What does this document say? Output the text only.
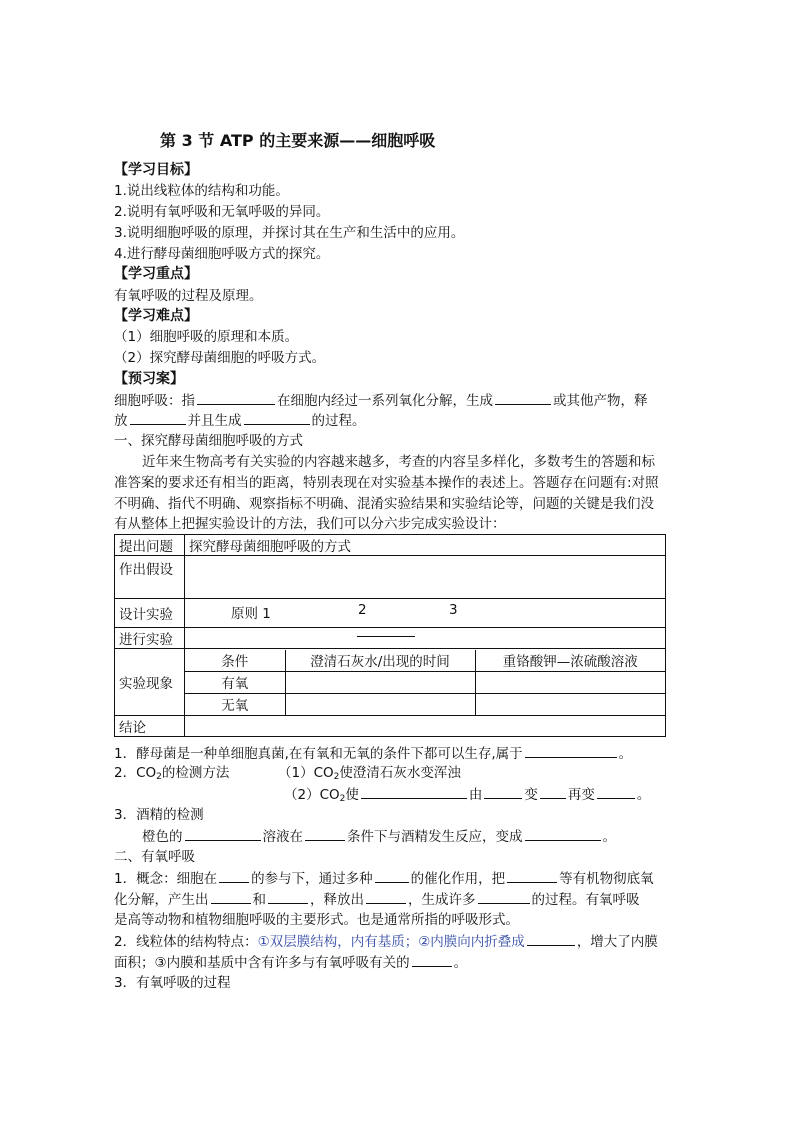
第 3 节 ATP 的主要来源——细胞呼吸
【学习目标】
1.说出线粒体的结构和功能。
2.说明有氧呼吸和无氧呼吸的异同。
3.说明细胞呼吸的原理，并探讨其在生产和生活中的应用。
4.进行酵母菌细胞呼吸方式的探究。
【学习重点】
有氧呼吸的过程及原理。
【学习难点】
（1）细胞呼吸的原理和本质。
（2）探究酵母菌细胞的呼吸方式。
【预习案】
细胞呼吸：指	在细胞内经过一系列氧化分解，生成	或其他产物，释
放	并且生成	的过程。
一、探究酵母菌细胞呼吸的方式
近年来生物高考有关实验的内容越来越多，考查的内容呈多样化，多数考生的答题和标
准答案的要求还有相当的距离，特别表现在对实验基本操作的表述上。答题存在问题有:对照
不明确、指代不明确、观察指标不明确、混淆实验结果和实验结论等，问题的关键是我们没
有从整体上把握实验设计的方法，我们可以分六步完成实验设计：
提出问题	探究酵母菌细胞呼吸的方式
作出假设	
设计实验	原则 1	2	3

进行实验	

实验现象	
条件	澄清石灰水/出现的时间	重铬酸钾—浓硫酸溶液
有氧		
无氧		

结论	
1．酵母菌是一种单细胞真菌,在有氧和无氧的条件下都可以生存,属于	。
2．$CO_2$的检测方法	$(1)CO_2$使澄清石灰水变浑浊
$(2)CO_2$使	由	变 再变	。
3．酒精的检测
橙色的	溶液在	条件下与酒精发生反应，变成	。
二、有氧呼吸
1．概念：细胞在	的参与下，通过多种	的催化作用，把	等有机物彻底氧
化分解，产生出	和	，释放出	，生成许多	的过程。有氧呼吸
是高等动物和植物细胞呼吸的主要形式。也是通常所指的呼吸形式。
2．线粒体的结构特点：①双层膜结构，内有基质；②内膜向内折叠成	，增大了内膜
面积；③内膜和基质中含有许多与有氧呼吸有关的	。
3．有氧呼吸的过程
